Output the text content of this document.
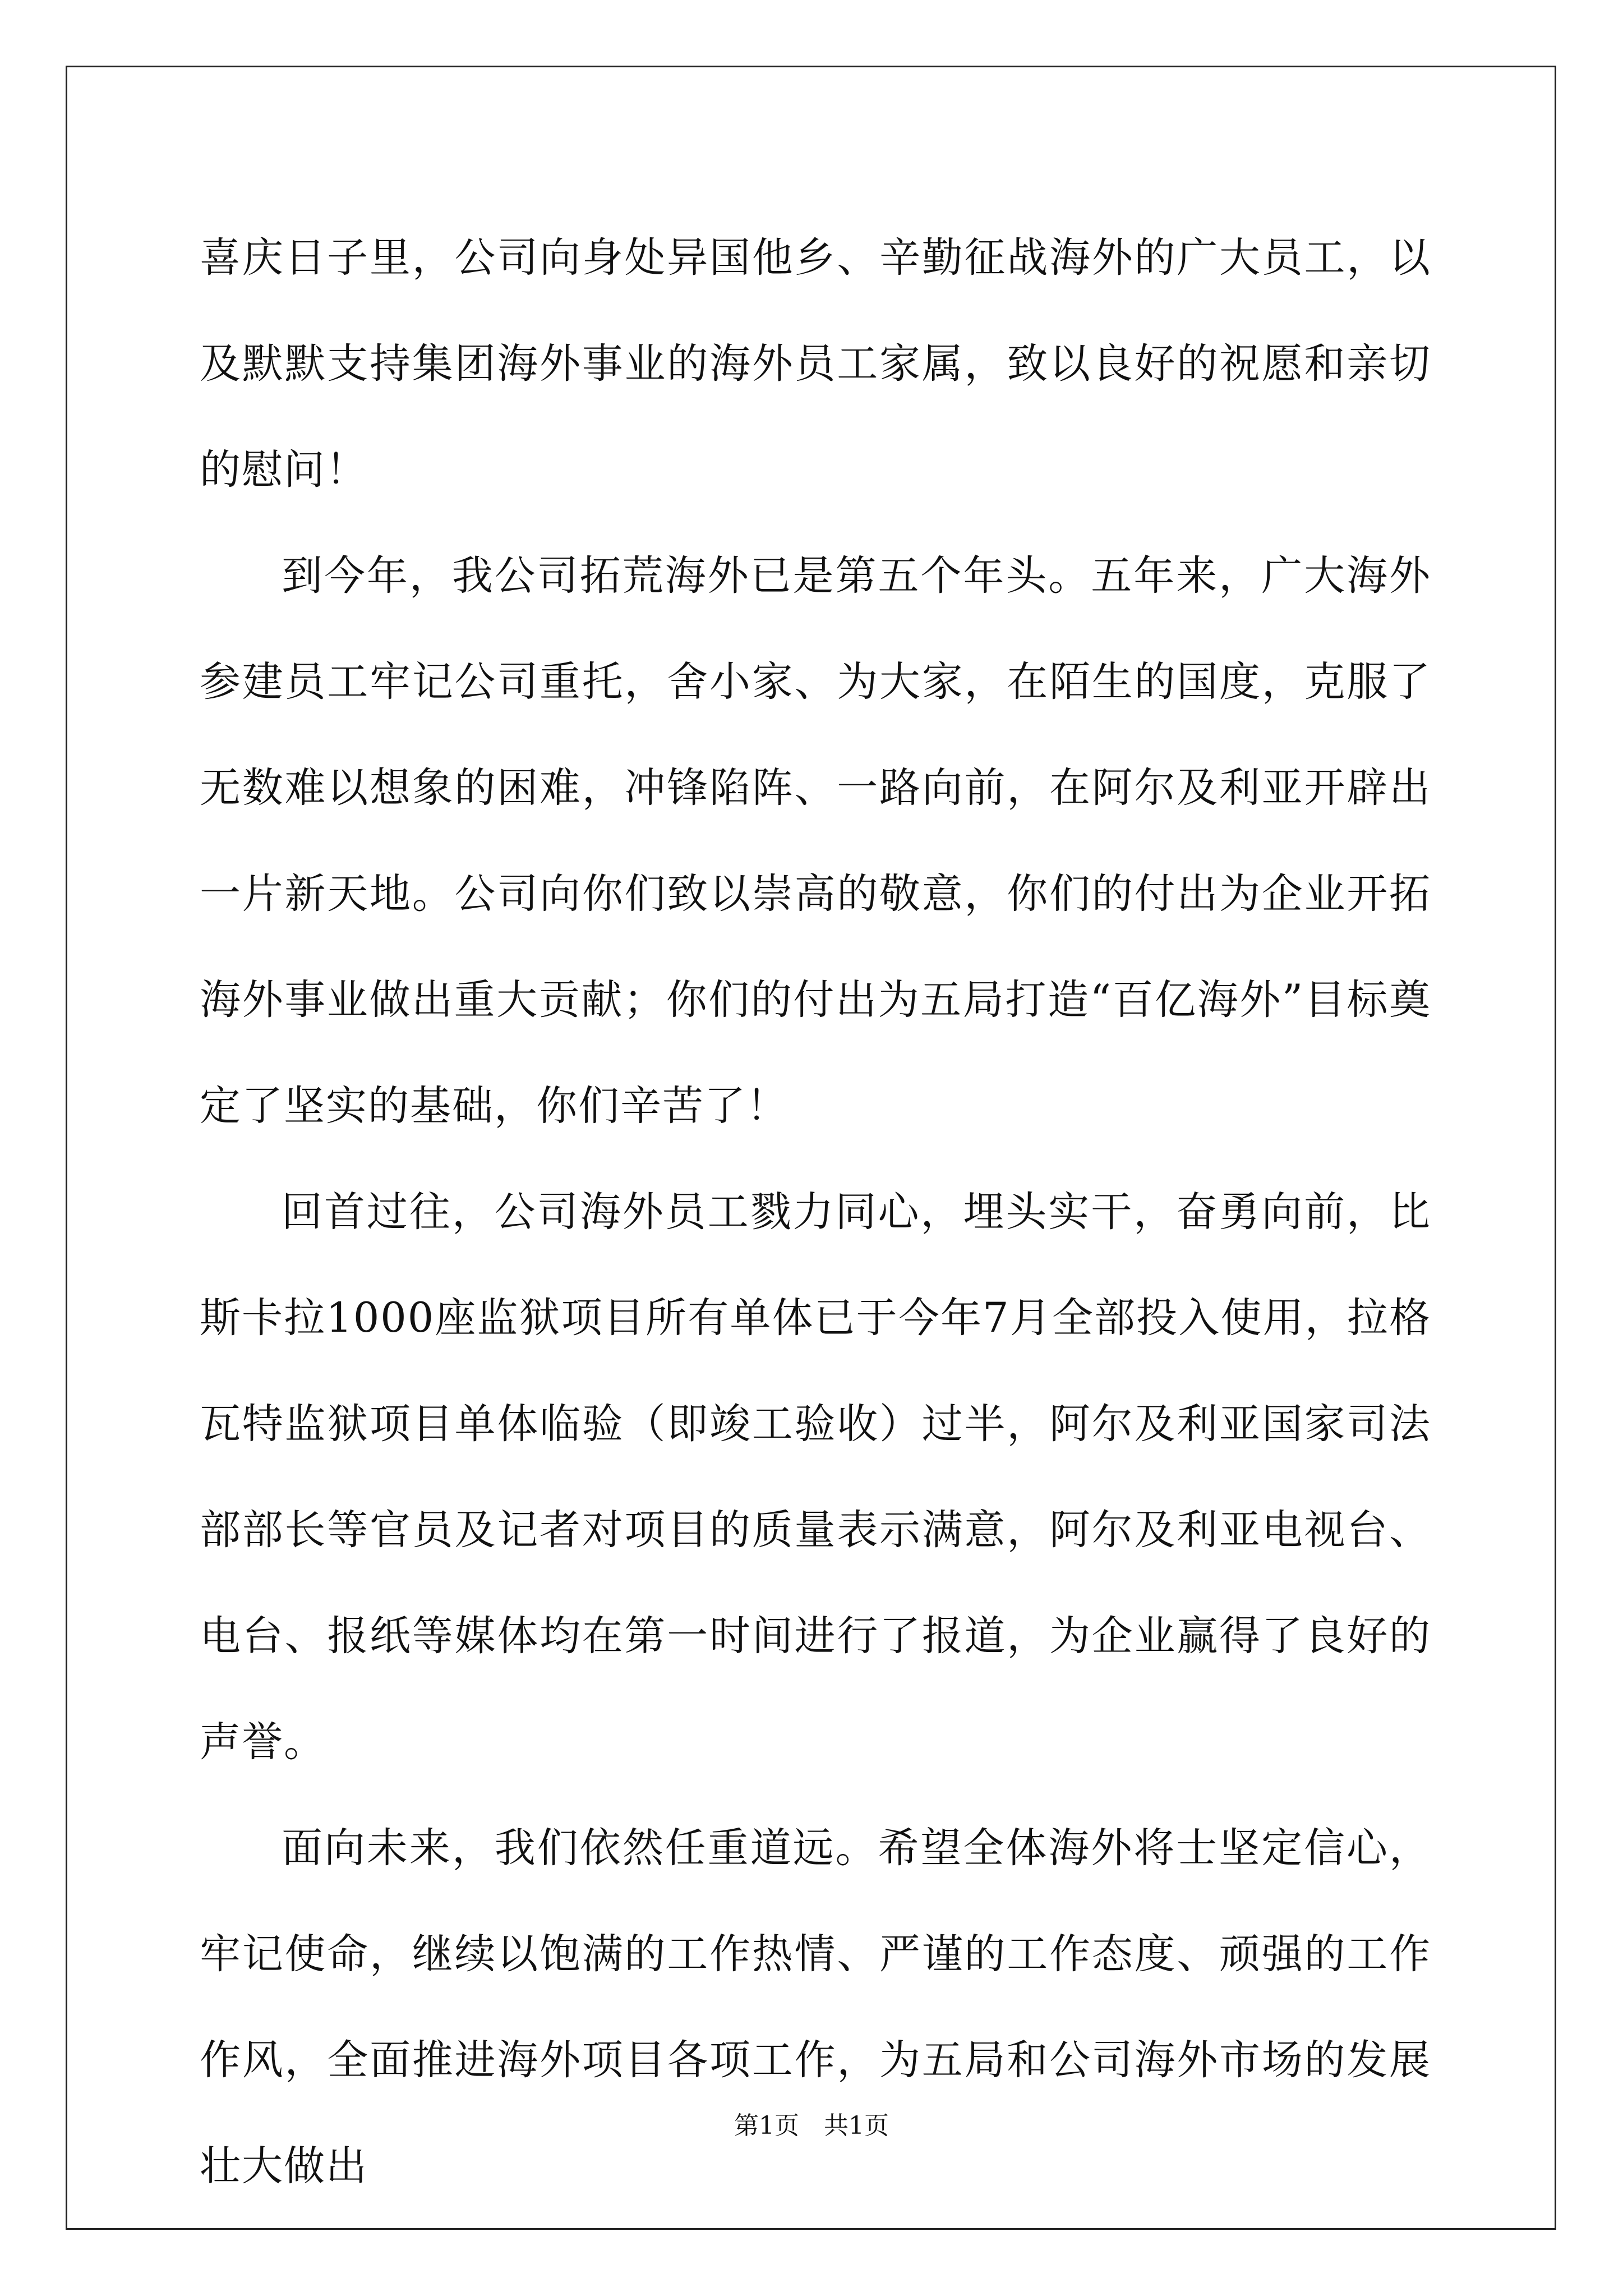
喜庆日子里，公司向身处异国他乡、辛勤征战海外的广大员工，以及默默支持集团海外事业的海外员工家属，致以良好的祝愿和亲切的慰问！

到今年，我公司拓荒海外已是第五个年头。五年来，广大海外参建员工牢记公司重托，舍小家、为大家，在陌生的国度，克服了无数难以想象的困难，冲锋陷阵、一路向前，在阿尔及利亚开辟出一片新天地。公司向你们致以崇高的敬意，你们的付出为企业开拓海外事业做出重大贡献；你们的付出为五局打造“百亿海外”目标奠定了坚实的基础，你们辛苦了！

回首过往，公司海外员工戮力同心，埋头实干，奋勇向前，比斯卡拉1000座监狱项目所有单体已于今年7月全部投入使用，拉格瓦特监狱项目单体临验（即竣工验收）过半，阿尔及利亚国家司法部部长等官员及记者对项目的质量表示满意，阿尔及利亚电视台、电台、报纸等媒体均在第一时间进行了报道，为企业赢得了良好的声誉。

面向未来，我们依然任重道远。希望全体海外将士坚定信心，牢记使命，继续以饱满的工作热情、严谨的工作态度、顽强的工作作风，全面推进海外项目各项工作，为五局和公司海外市场的发展壮大做出

第1页　共1页
